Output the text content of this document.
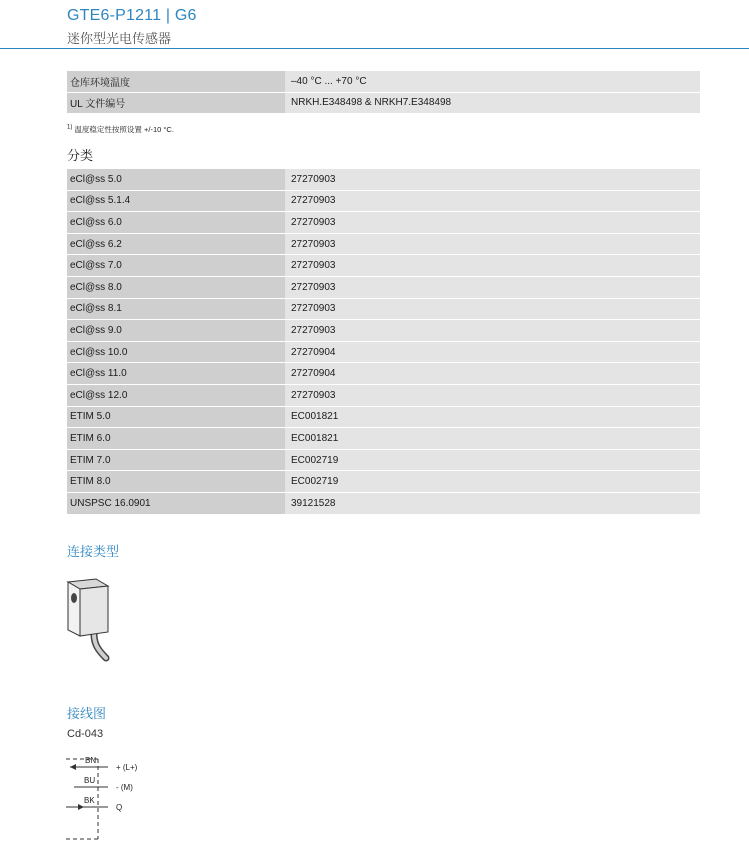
GTE6-P1211 | G6
迷你型光电传感器
仓库环境温度	–40 °C ... +70 °C
UL 文件编号	NRKH.E348498 & NRKH7.E348498
$^{1)}$ 温度稳定性按照设置 +/-10 °C.
分类
eCl@ss 5.0	27270903
eCl@ss 5.1.4	27270903
eCl@ss 6.0	27270903
eCl@ss 6.2	27270903
eCl@ss 7.0	27270903
eCl@ss 8.0	27270903
eCl@ss 8.1	27270903
eCl@ss 9.0	27270903
eCl@ss 10.0	27270904
eCl@ss 11.0	27270904
eCl@ss 12.0	27270903
ETIM 5.0	EC001821
ETIM 6.0	EC001821
ETIM 7.0	EC002719
ETIM 8.0	EC002719
UNSPSC 16.0901	39121528
连接类型
接线图
Cd-043
BN
BU
BK
+ (L+)
- (M)
Q
